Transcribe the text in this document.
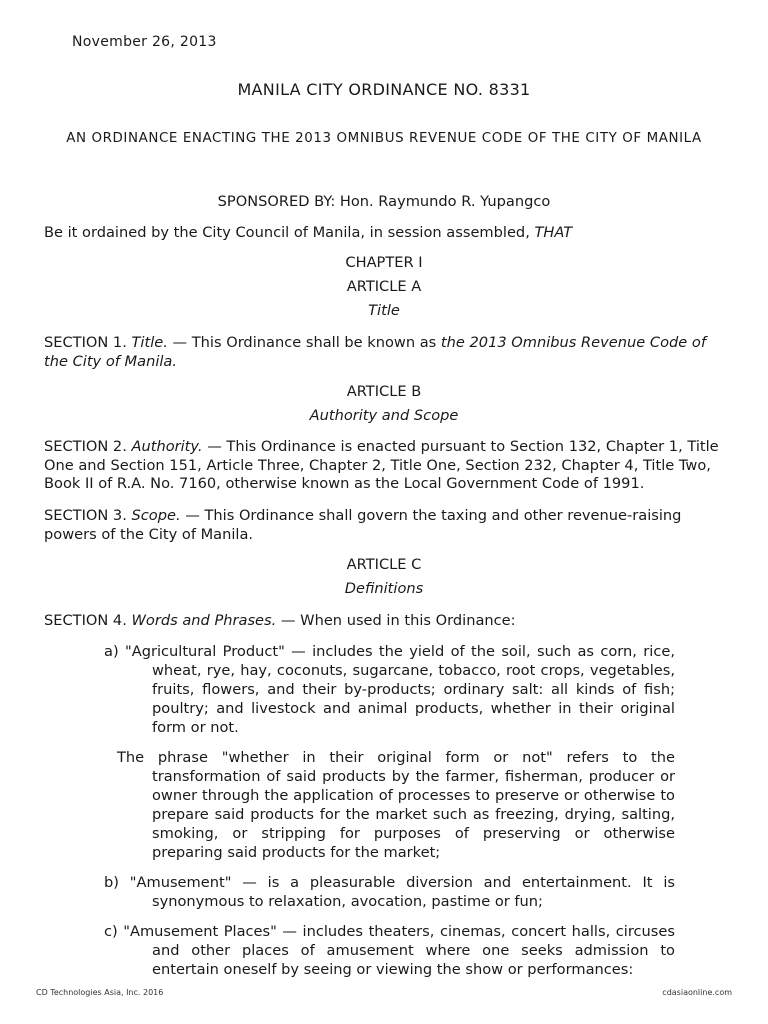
November 26, 2013
MANILA CITY ORDINANCE NO. 8331
AN ORDINANCE ENACTING THE 2013 OMNIBUS REVENUE CODE OF THE CITY OF MANILA
SPONSORED BY: Hon. Raymundo R. Yupangco
Be it ordained by the City Council of Manila, in session assembled, THAT
CHAPTER I
ARTICLE A
Title
SECTION 1. Title. — This Ordinance shall be known as the 2013 Omnibus Revenue Code of the City of Manila.
ARTICLE B
Authority and Scope
SECTION 2. Authority. — This Ordinance is enacted pursuant to Section 132, Chapter 1, Title One and Section 151, Article Three, Chapter 2, Title One, Section 232, Chapter 4, Title Two, Book II of R.A. No. 7160, otherwise known as the Local Government Code of 1991.
SECTION 3. Scope. — This Ordinance shall govern the taxing and other revenue-raising powers of the City of Manila.
ARTICLE C
Definitions
SECTION 4. Words and Phrases. — When used in this Ordinance:
a) "Agricultural Product" — includes the yield of the soil, such as corn, rice, wheat, rye, hay, coconuts, sugarcane, tobacco, root crops, vegetables, fruits, flowers, and their by-products; ordinary salt: all kinds of fish; poultry; and livestock and animal products, whether in their original form or not.
The phrase "whether in their original form or not" refers to the transformation of said products by the farmer, fisherman, producer or owner through the application of processes to preserve or otherwise to prepare said products for the market such as freezing, drying, salting, smoking, or stripping for purposes of preserving or otherwise preparing said products for the market;
b) "Amusement" — is a pleasurable diversion and entertainment. It is synonymous to relaxation, avocation, pastime or fun;
c) "Amusement Places" — includes theaters, cinemas, concert halls, circuses and other places of amusement where one seeks admission to entertain oneself by seeing or viewing the show or performances:
CD Technologies Asia, Inc. 2016	cdasiaonline.com
